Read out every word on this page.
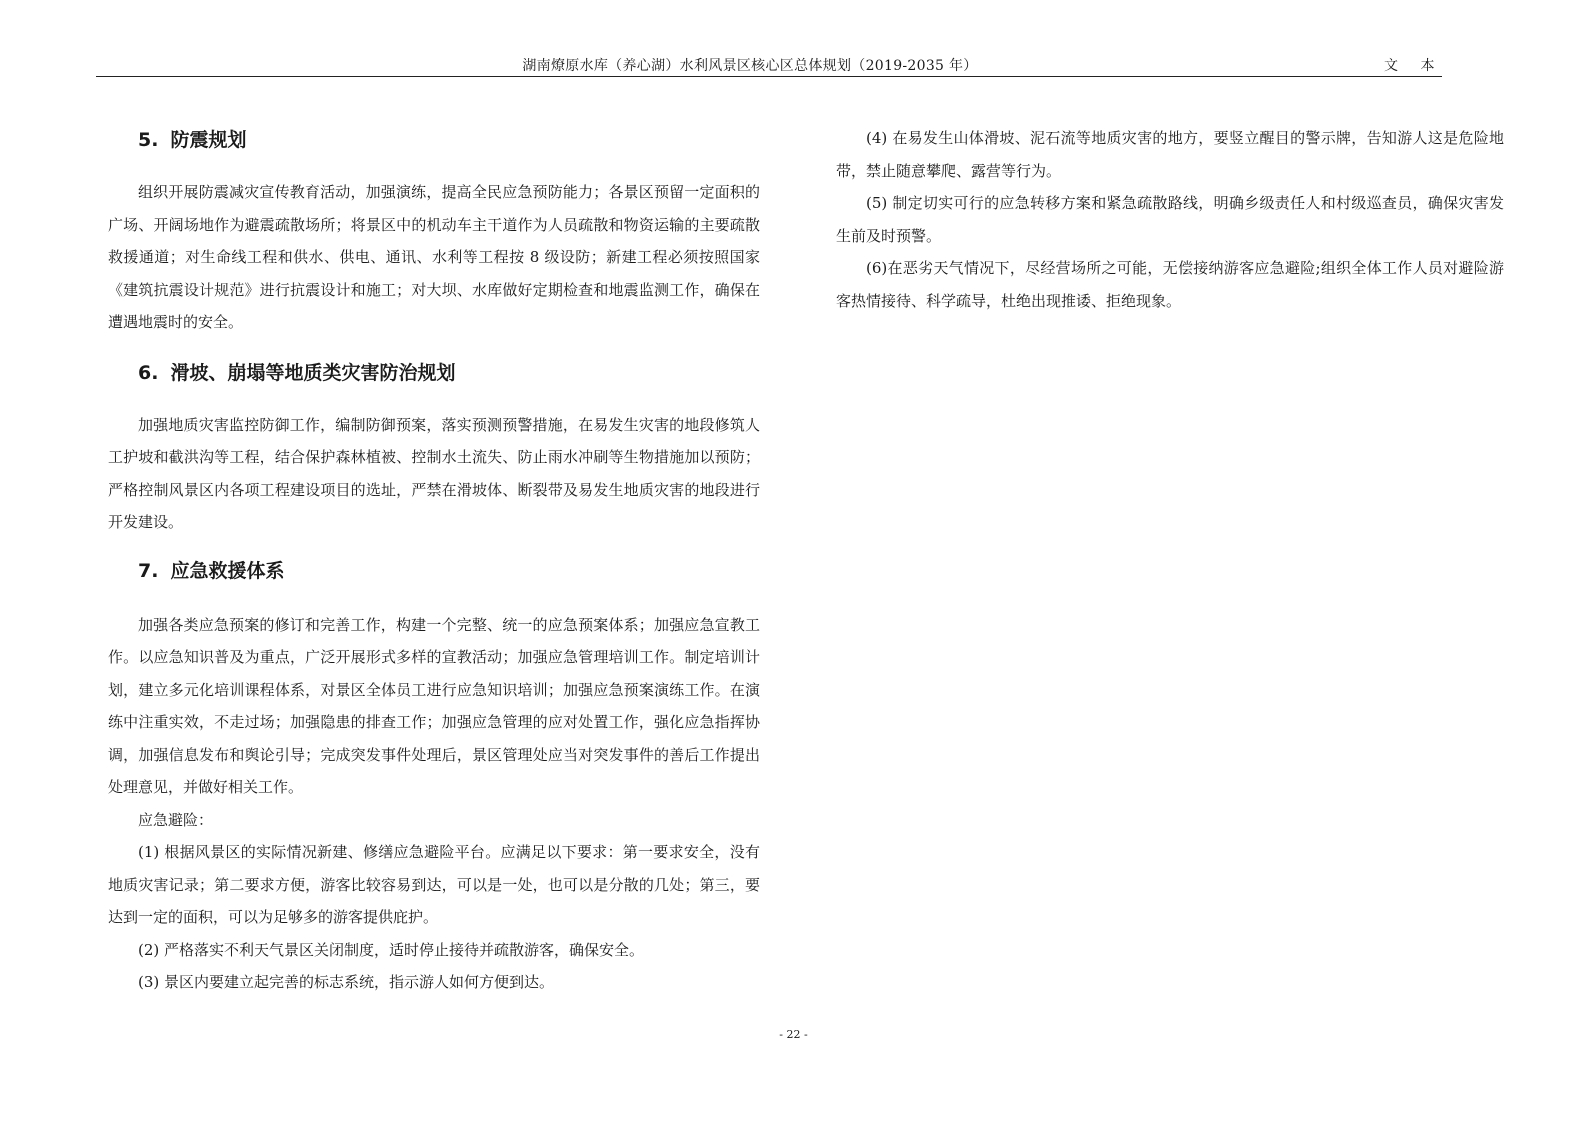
湖南燎原水库（养心湖）水利风景区核心区总体规划（2019-2035 年）	文 本
5. 防震规划

组织开展防震减灾宣传教育活动，加强演练，提高全民应急预防能力；各景区预留一定面积的广场、开阔场地作为避震疏散场所；将景区中的机动车主干道作为人员疏散和物资运输的主要疏散救援通道；对生命线工程和供水、供电、通讯、水利等工程按 8 级设防；新建工程必须按照国家《建筑抗震设计规范》进行抗震设计和施工；对大坝、水库做好定期检查和地震监测工作，确保在遭遇地震时的安全。

6. 滑坡、崩塌等地质类灾害防治规划

加强地质灾害监控防御工作，编制防御预案，落实预测预警措施，在易发生灾害的地段修筑人工护坡和截洪沟等工程，结合保护森林植被、控制水土流失、防止雨水冲刷等生物措施加以预防；严格控制风景区内各项工程建设项目的选址，严禁在滑坡体、断裂带及易发生地质灾害的地段进行开发建设。

7. 应急救援体系

加强各类应急预案的修订和完善工作，构建一个完整、统一的应急预案体系；加强应急宣教工作。以应急知识普及为重点，广泛开展形式多样的宣教活动；加强应急管理培训工作。制定培训计划，建立多元化培训课程体系，对景区全体员工进行应急知识培训；加强应急预案演练工作。在演练中注重实效，不走过场；加强隐患的排查工作；加强应急管理的应对处置工作，强化应急指挥协调，加强信息发布和舆论引导；完成突发事件处理后，景区管理处应当对突发事件的善后工作提出处理意见，并做好相关工作。

应急避险：

(1) 根据风景区的实际情况新建、修缮应急避险平台。应满足以下要求：第一要求安全，没有地质灾害记录；第二要求方便，游客比较容易到达，可以是一处，也可以是分散的几处；第三，要达到一定的面积，可以为足够多的游客提供庇护。

(2) 严格落实不利天气景区关闭制度，适时停止接待并疏散游客，确保安全。

(3) 景区内要建立起完善的标志系统，指示游人如何方便到达。

(4) 在易发生山体滑坡、泥石流等地质灾害的地方，要竖立醒目的警示牌，告知游人这是危险地带，禁止随意攀爬、露营等行为。

(5) 制定切实可行的应急转移方案和紧急疏散路线，明确乡级责任人和村级巡查员，确保灾害发生前及时预警。

(6)在恶劣天气情况下，尽经营场所之可能，无偿接纳游客应急避险;组织全体工作人员对避险游客热情接待、科学疏导，杜绝出现推诿、拒绝现象。

- 22 -
